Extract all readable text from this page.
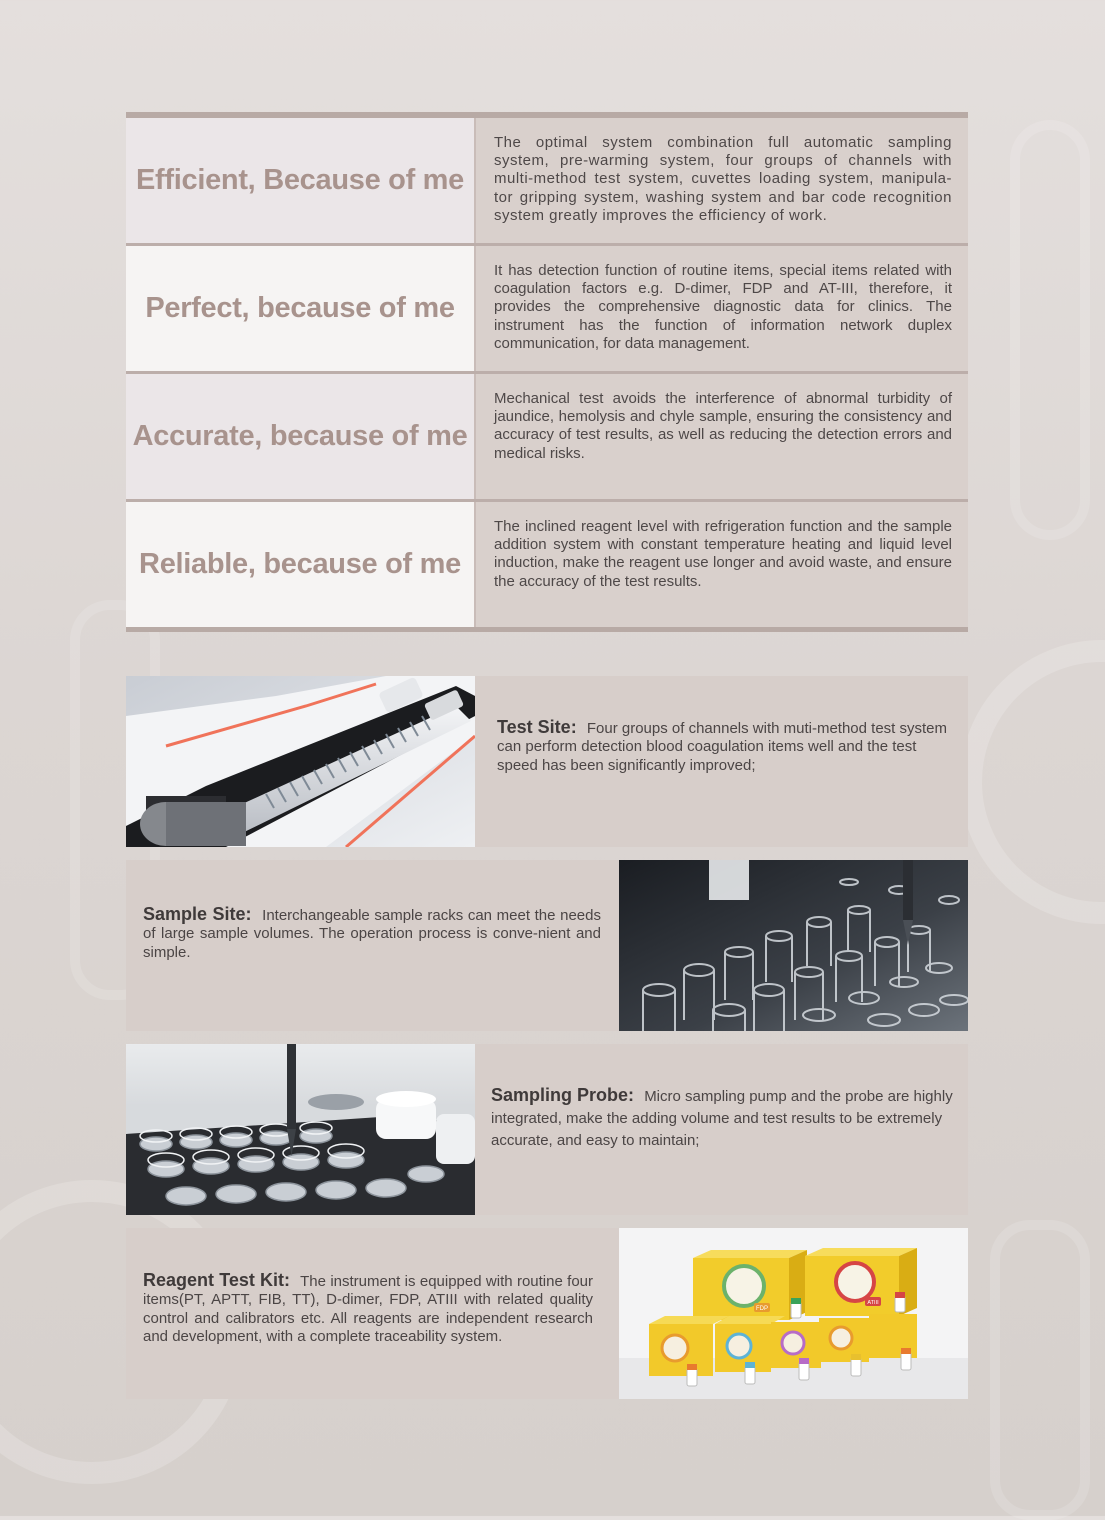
Efficient, Because of me
The optimal system combination full automatic sampling system, pre-warming system, four groups of channels with multi-method test system, cuvettes loading system, manipula-tor gripping system, washing system and bar code recognition system greatly improves the efficiency of work.
Perfect, because of me
It has detection function of routine items, special items related with coagulation factors e.g. D-dimer, FDP and AT-III, therefore, it provides the comprehensive diagnostic data for clinics. The instrument has the function of information network duplex communication, for data management.
Accurate, because of me
Mechanical test avoids the interference of abnormal turbidity of jaundice, hemolysis and chyle sample, ensuring the consistency and accuracy of test results, as well as reducing the detection errors and medical risks.
Reliable, because of me
The inclined reagent level with refrigeration function and the sample addition system with constant temperature heating and liquid level induction, make the reagent use longer and avoid waste, and ensure the accuracy of the test results.
Test Site: Four groups of channels with muti-method test system can perform detection blood coagulation items well and the test speed has been significantly improved;
Sample Site: Interchangeable sample racks can meet the needs of large sample volumes. The operation process is conve-nient and simple.
Sampling Probe: Micro sampling pump and the probe are highly integrated, make the adding volume and test results to be extremely accurate, and easy to maintain;
Reagent Test Kit: The instrument is equipped with routine four items(PT, APTT, FIB, TT), D-dimer, FDP, ATIII with related quality control and calibrators etc. All reagents are independent research and development, with a complete traceability system.
FDP
ATIII
